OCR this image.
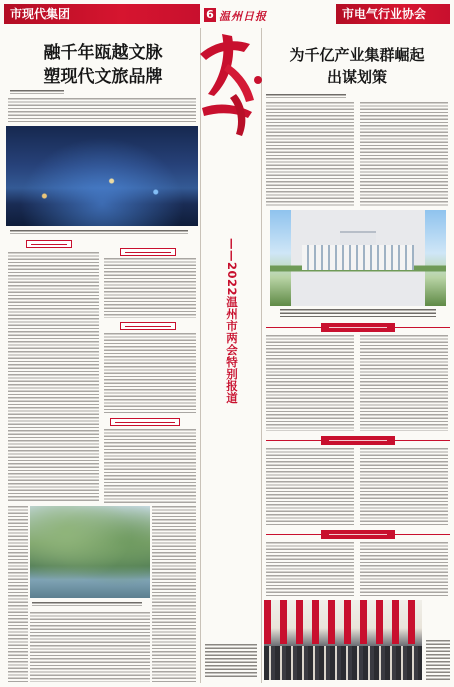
市现代集团
融千年瓯越文脉
塑现代文旅品牌
6 温州日报
——2022温州市两会特别报道
市电气行业协会
为千亿产业集群崛起
出谋划策
